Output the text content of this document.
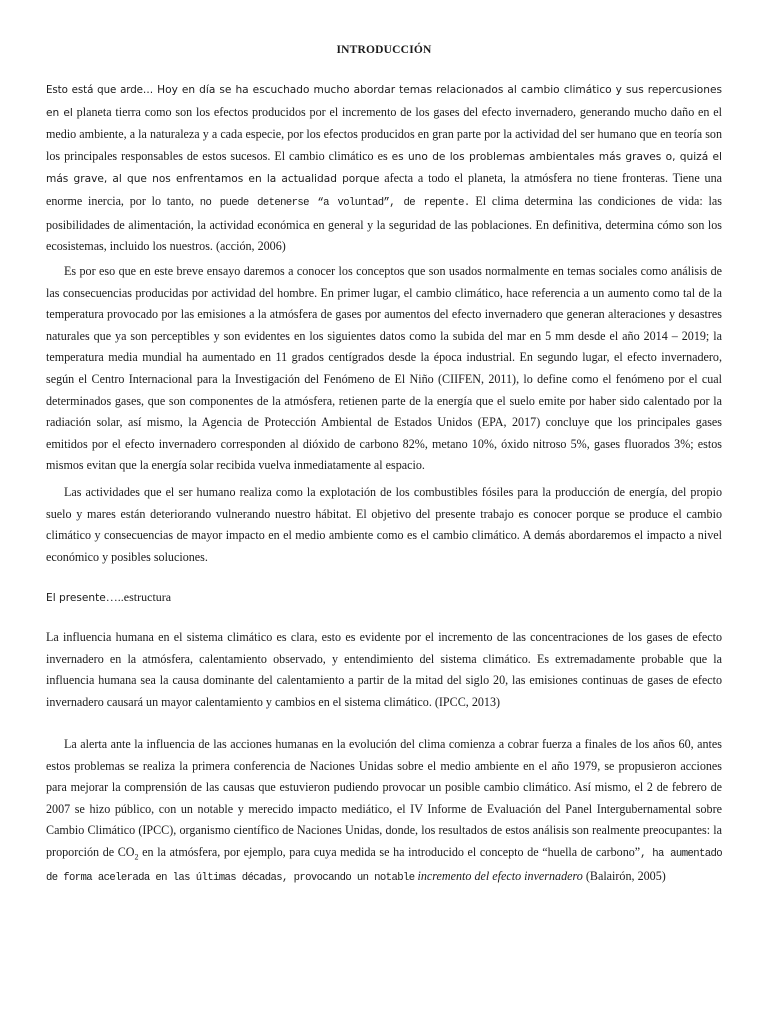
INTRODUCCIÓN

Esto está que arde… Hoy en día se ha escuchado mucho abordar temas relacionados al cambio climático y sus repercusiones en el planeta tierra como son los efectos producidos por el incremento de los gases del efecto invernadero, generando mucho daño en el medio ambiente, a la naturaleza y a cada especie, por los efectos producidos en gran parte por la actividad del ser humano que en teoría son los principales responsables de estos sucesos. El cambio climático es es uno de los problemas ambientales más graves o, quizá el más grave, al que nos enfrentamos en la actualidad porque afecta a todo el planeta, la atmósfera no tiene fronteras. Tiene una enorme inercia, por lo tanto, no puede detenerse “a voluntad”, de repente. El clima determina las condiciones de vida: las posibilidades de alimentación, la actividad económica en general y la seguridad de las poblaciones. En definitiva, determina cómo son los ecosistemas, incluido los nuestros. (acción, 2006)

Es por eso que en este breve ensayo daremos a conocer los conceptos que son usados normalmente en temas sociales como análisis de las consecuencias producidas por actividad del hombre. En primer lugar, el cambio climático, hace referencia a un aumento como tal de la temperatura provocado por las emisiones a la atmósfera de gases por aumentos del efecto invernadero que generan alteraciones y desastres naturales que ya son perceptibles y son evidentes en los siguientes datos como la subida del mar en 5 mm desde el año 2014 – 2019; la temperatura media mundial ha aumentado en 11 grados centígrados desde la época industrial. En segundo lugar, el efecto invernadero, según el Centro Internacional para la Investigación del Fenómeno de El Niño (CIIFEN, 2011), lo define como el fenómeno por el cual determinados gases, que son componentes de la atmósfera, retienen parte de la energía que el suelo emite por haber sido calentado por la radiación solar, así mismo, la Agencia de Protección Ambiental de Estados Unidos (EPA, 2017) concluye que los principales gases emitidos por el efecto invernadero corresponden al dióxido de carbono 82%, metano 10%, óxido nitroso 5%, gases fluorados 3%; estos mismos evitan que la energía solar recibida vuelva inmediatamente al espacio.

Las actividades que el ser humano realiza como la explotación de los combustibles fósiles para la producción de energía, del propio suelo y mares están deteriorando vulnerando nuestro hábitat. El objetivo del presente trabajo es conocer porque se produce el cambio climático y consecuencias de mayor impacto en el medio ambiente como es el cambio climático. A demás abordaremos el impacto a nivel económico y posibles soluciones.

El presente…..estructura

La influencia humana en el sistema climático es clara, esto es evidente por el incremento de las concentraciones de los gases de efecto invernadero en la atmósfera, calentamiento observado, y entendimiento del sistema climático. Es extremadamente probable que la influencia humana sea la causa dominante del calentamiento a partir de la mitad del siglo 20, las emisiones continuas de gases de efecto invernadero causará un mayor calentamiento y cambios en el sistema climático. (IPCC, 2013)

La alerta ante la influencia de las acciones humanas en la evolución del clima comienza a cobrar fuerza a finales de los años 60, antes estos problemas se realiza la primera conferencia de Naciones Unidas sobre el medio ambiente en el año 1979, se propusieron acciones para mejorar la comprensión de las causas que estuvieron pudiendo provocar un posible cambio climático. Así mismo, el 2 de febrero de 2007 se hizo público, con un notable y merecido impacto mediático, el IV Informe de Evaluación del Panel Intergubernamental sobre Cambio Climático (IPCC), organismo científico de Naciones Unidas, donde, los resultados de estos análisis son realmente preocupantes: la proporción de $CO_2$ en la atmósfera, por ejemplo, para cuya medida se ha introducido el concepto de “huella de carbono”, ha aumentado de forma acelerada en las últimas décadas, provocando un notable incremento del efecto invernadero (Balairón, 2005)
